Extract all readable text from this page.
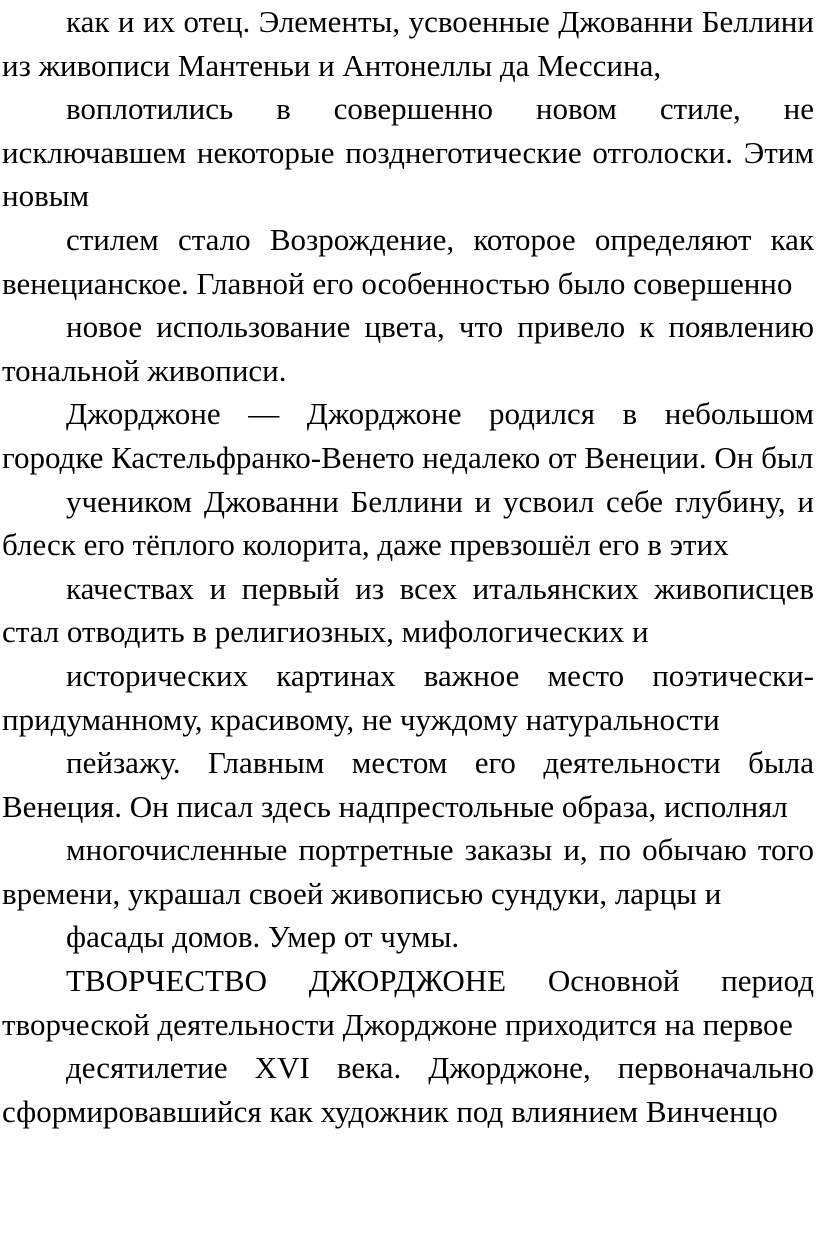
как и их отец. Элементы, усвоенные Джованни Беллини из живописи Мантеньи и Антонеллы да Мессина,

воплотились в совершенно новом стиле, не исключавшем некоторые позднеготические отголоски. Этим новым

стилем стало Возрождение, которое определяют как венецианское. Главной его особенностью было совершенно

новое использование цвета, что привело к появлению тональной живописи.

Джорджоне — Джорджоне родился в небольшом городке Кастельфранко-Венето недалеко от Венеции. Он был

учеником Джованни Беллини и усвоил себе глубину, и блеск его тёплого колорита, даже превзошёл его в этих

качествах и первый из всех итальянских живописцев стал отводить в религиозных, мифологических и

исторических картинах важное место поэтически-придуманному, красивому, не чуждому натуральности

пейзажу. Главным местом его деятельности была Венеция. Он писал здесь надпрестольные образа, исполнял

многочисленные портретные заказы и, по обычаю того времени, украшал своей живописью сундуки, ларцы и

фасады домов. Умер от чумы.

ТВОРЧЕСТВО ДЖОРДЖОНЕ Основной период творческой деятельности Джорджоне приходится на первое

десятилетие XVI века. Джорджоне, первоначально сформировавшийся как художник под влиянием Винченцо
